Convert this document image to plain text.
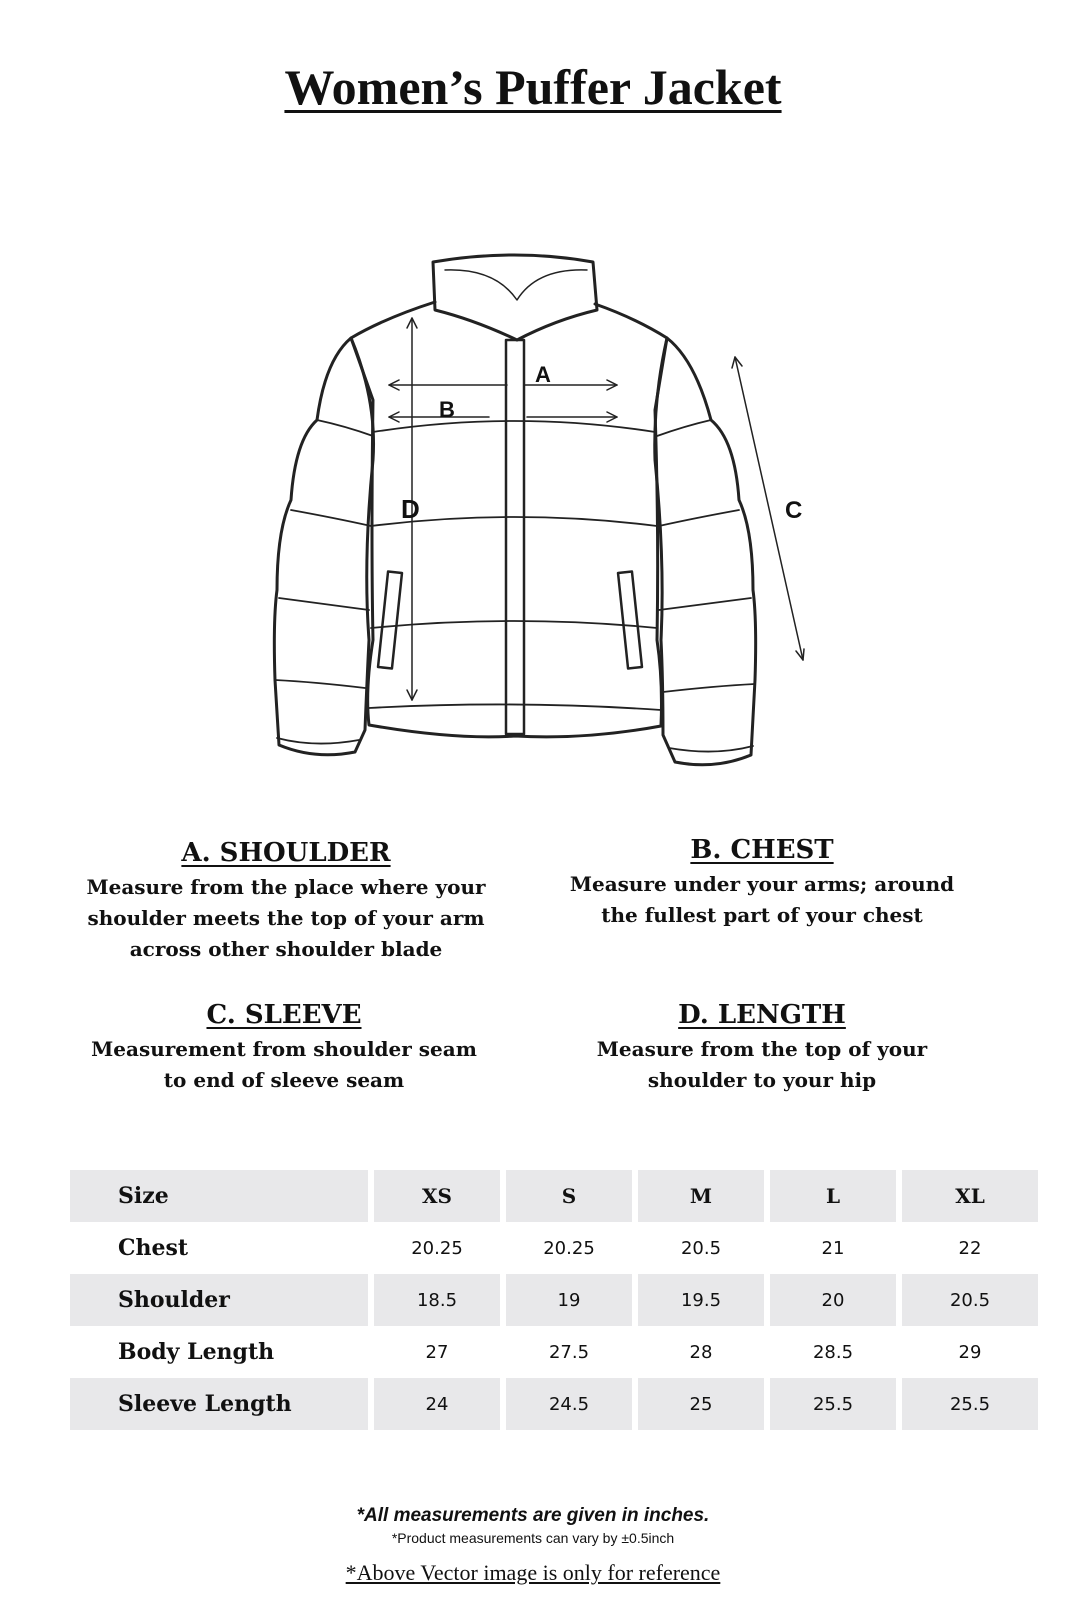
Women’s Puffer Jacket
A
B
D	C
A. SHOULDER
Measure from the place where your
shoulder meets the top of your arm
across other shoulder blade
B. CHEST
Measure under your arms; around
the fullest part of your chest
C. SLEEVE
Measurement from shoulder seam
to end of sleeve seam
D. LENGTH
Measure from the top of your
shoulder to your hip
Size	XS	S	M	L	XL
Chest	20.25	20.25	20.5	21	22
Shoulder	18.5	19	19.5	20	20.5
Body Length	27	27.5	28	28.5	29
Sleeve Length	24	24.5	25	25.5	25.5
*All measurements are given in inches.
*Product measurements can vary by ±0.5inch
*Above Vector image is only for reference
